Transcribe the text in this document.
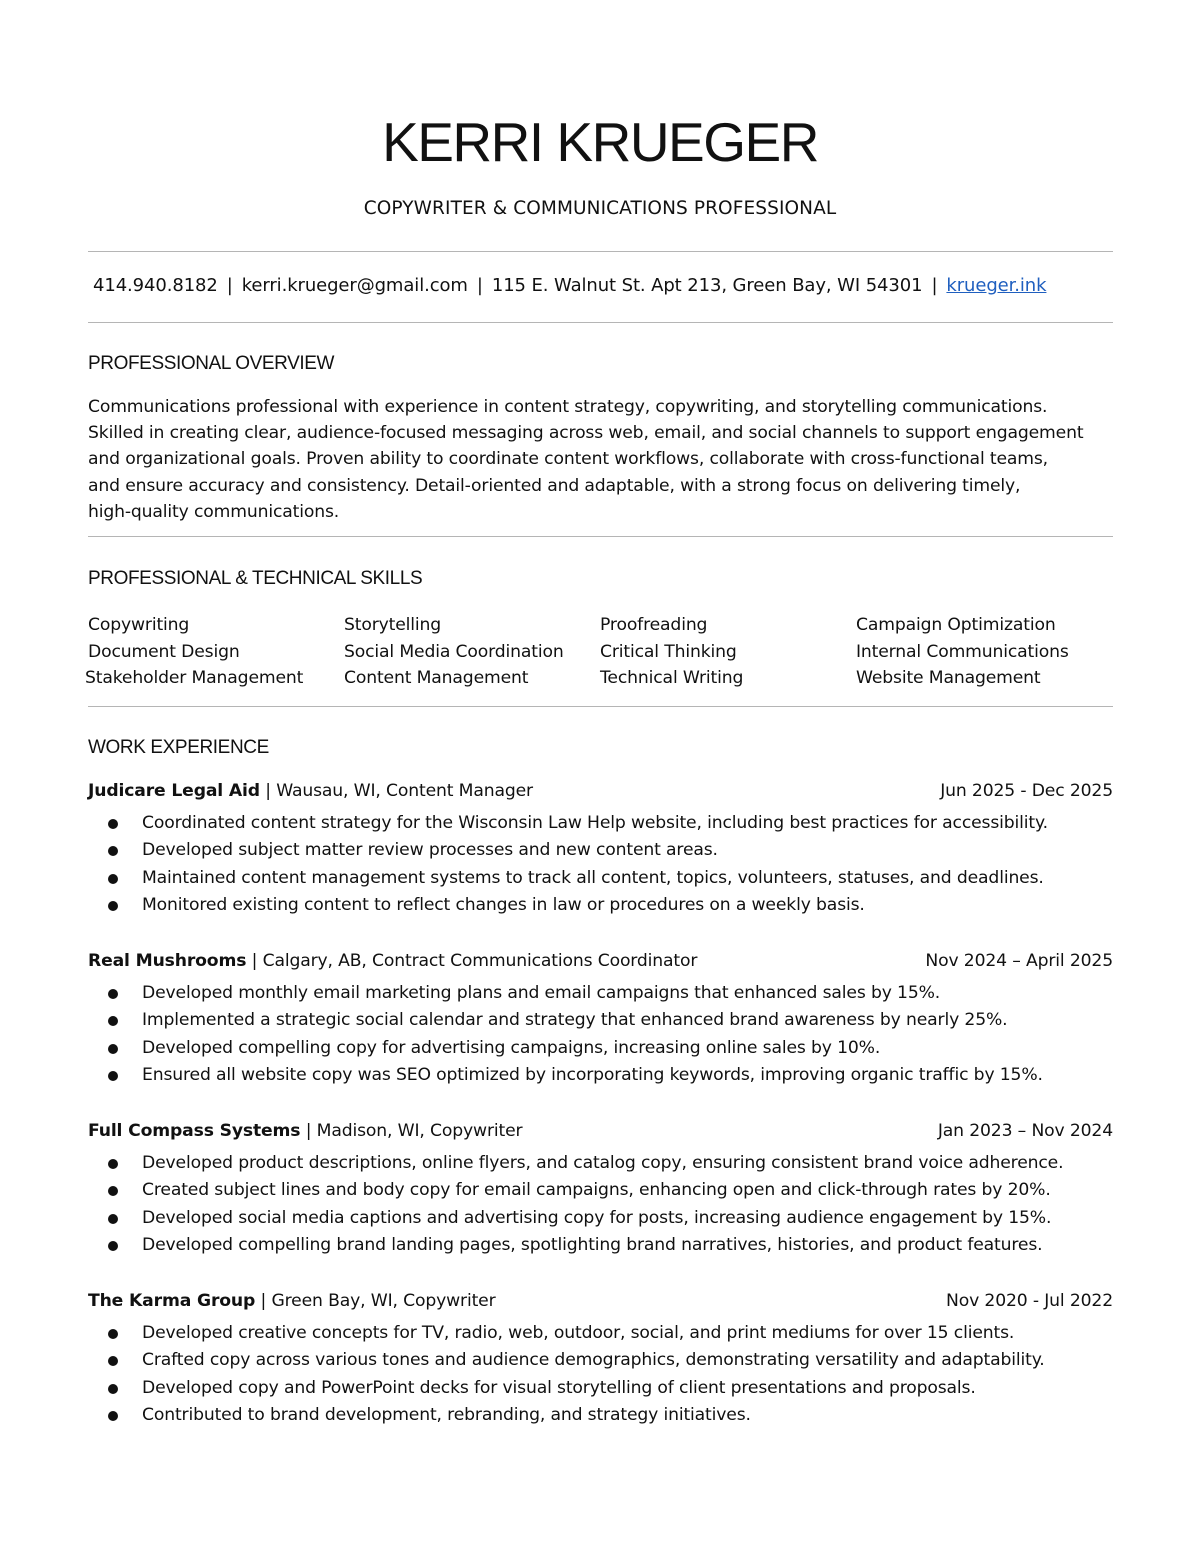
KERRI KRUEGER
COPYWRITER & COMMUNICATIONS PROFESSIONAL
414.940.8182 | kerri.krueger@gmail.com | 115 E. Walnut St. Apt 213, Green Bay, WI 54301 | krueger.ink
PROFESSIONAL OVERVIEW
Communications professional with experience in content strategy, copywriting, and storytelling communications.
Skilled in creating clear, audience-focused messaging across web, email, and social channels to support engagement
and organizational goals. Proven ability to coordinate content workflows, collaborate with cross-functional teams,
and ensure accuracy and consistency. Detail-oriented and adaptable, with a strong focus on delivering timely,
high-quality communications.
PROFESSIONAL & TECHNICAL SKILLS
Copywriting	Storytelling	Proofreading	Campaign Optimization
Document Design	Social Media Coordination	Critical Thinking	Internal Communications
Stakeholder Management	Content Management	Technical Writing	Website Management
WORK EXPERIENCE
Judicare Legal Aid | Wausau, WI, Content Manager	Jun 2025 - Dec 2025
Coordinated content strategy for the Wisconsin Law Help website, including best practices for accessibility.
Developed subject matter review processes and new content areas.
Maintained content management systems to track all content, topics, volunteers, statuses, and deadlines.
Monitored existing content to reflect changes in law or procedures on a weekly basis.
Real Mushrooms | Calgary, AB, Contract Communications Coordinator	Nov 2024 – April 2025
Developed monthly email marketing plans and email campaigns that enhanced sales by 15%.
Implemented a strategic social calendar and strategy that enhanced brand awareness by nearly 25%.
Developed compelling copy for advertising campaigns, increasing online sales by 10%.
Ensured all website copy was SEO optimized by incorporating keywords, improving organic traffic by 15%.
Full Compass Systems | Madison, WI, Copywriter	Jan 2023 – Nov 2024
Developed product descriptions, online flyers, and catalog copy, ensuring consistent brand voice adherence.
Created subject lines and body copy for email campaigns, enhancing open and click-through rates by 20%.
Developed social media captions and advertising copy for posts, increasing audience engagement by 15%.
Developed compelling brand landing pages, spotlighting brand narratives, histories, and product features.
The Karma Group | Green Bay, WI, Copywriter	Nov 2020 - Jul 2022
Developed creative concepts for TV, radio, web, outdoor, social, and print mediums for over 15 clients.
Crafted copy across various tones and audience demographics, demonstrating versatility and adaptability.
Developed copy and PowerPoint decks for visual storytelling of client presentations and proposals.
Contributed to brand development, rebranding, and strategy initiatives.
